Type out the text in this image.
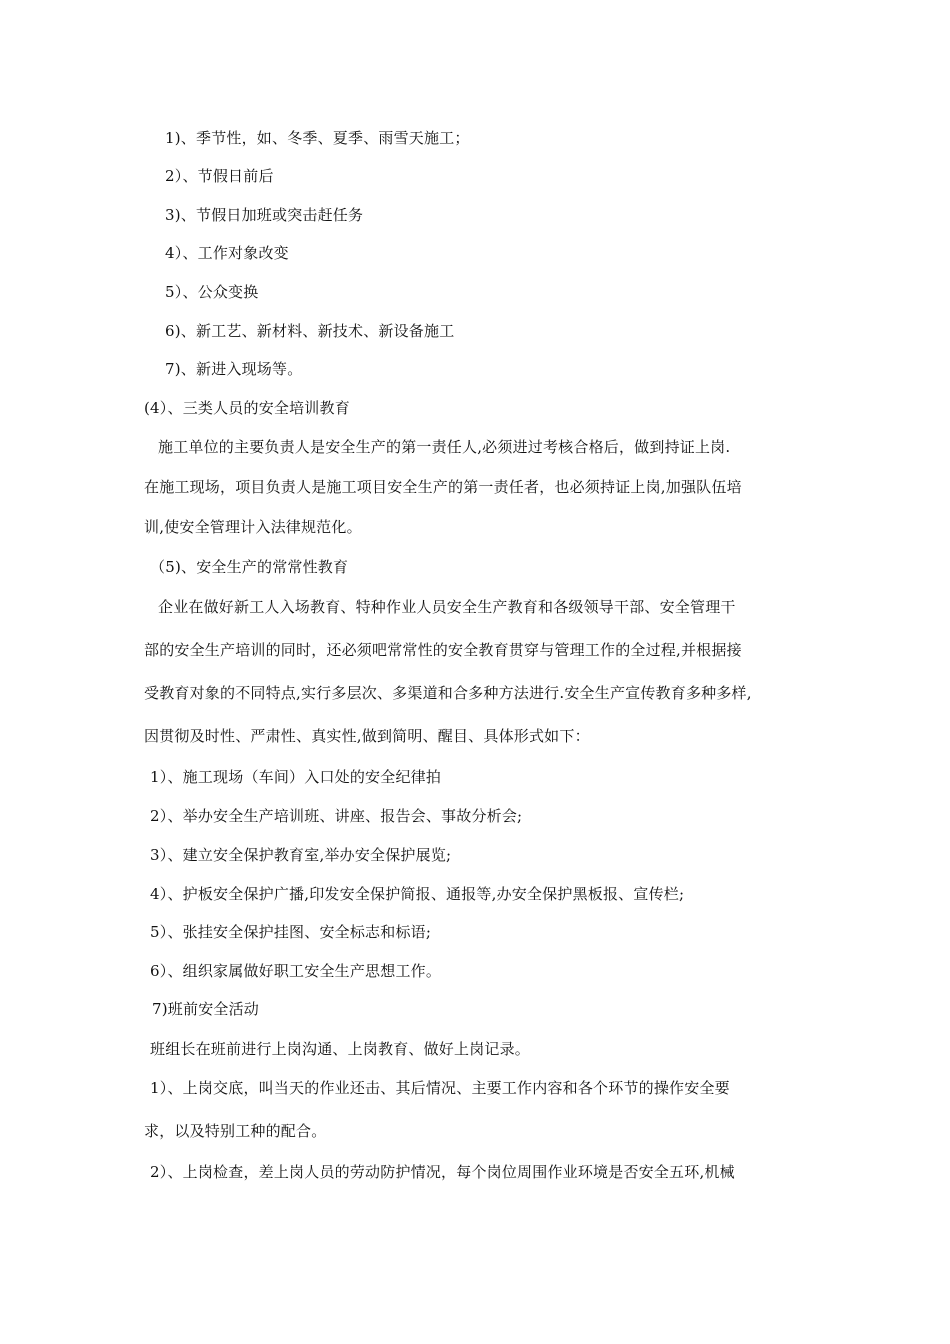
1)、季节性，如、冬季、夏季、雨雪天施工；
2）、节假日前后
3)、节假日加班或突击赶任务
4）、工作对象改变
5）、公众变换
6)、新工艺、新材料、新技术、新设备施工
7)、新进入现场等。
(4）、三类人员的安全培训教育
施工单位的主要负责人是安全生产的第一责任人,必须进过考核合格后，做到持证上岗.
在施工现场，项目负责人是施工项目安全生产的第一责任者，也必须持证上岗,加强队伍培
训,使安全管理计入法律规范化。
（5)、安全生产的常常性教育
企业在做好新工人入场教育、特种作业人员安全生产教育和各级领导干部、安全管理干
部的安全生产培训的同时，还必须吧常常性的安全教育贯穿与管理工作的全过程,并根据接
受教育对象的不同特点,实行多层次、多渠道和合多种方法进行.安全生产宣传教育多种多样,
因贯彻及时性、严肃性、真实性,做到简明、醒目、具体形式如下：
1）、施工现场（车间）入口处的安全纪律拍
2）、举办安全生产培训班、讲座、报告会、事故分析会;
3）、建立安全保护教育室,举办安全保护展览;
4）、护板安全保护广播,印发安全保护简报、通报等,办安全保护黑板报、宣传栏;
5）、张挂安全保护挂图、安全标志和标语;
6）、组织家属做好职工安全生产思想工作。
7)班前安全活动
班组长在班前进行上岗沟通、上岗教育、做好上岗记录。
1）、上岗交底，叫当天的作业还击、其后情况、主要工作内容和各个环节的操作安全要
求，以及特别工种的配合。
2）、上岗检查，差上岗人员的劳动防护情况，每个岗位周围作业环境是否安全五环,机械
